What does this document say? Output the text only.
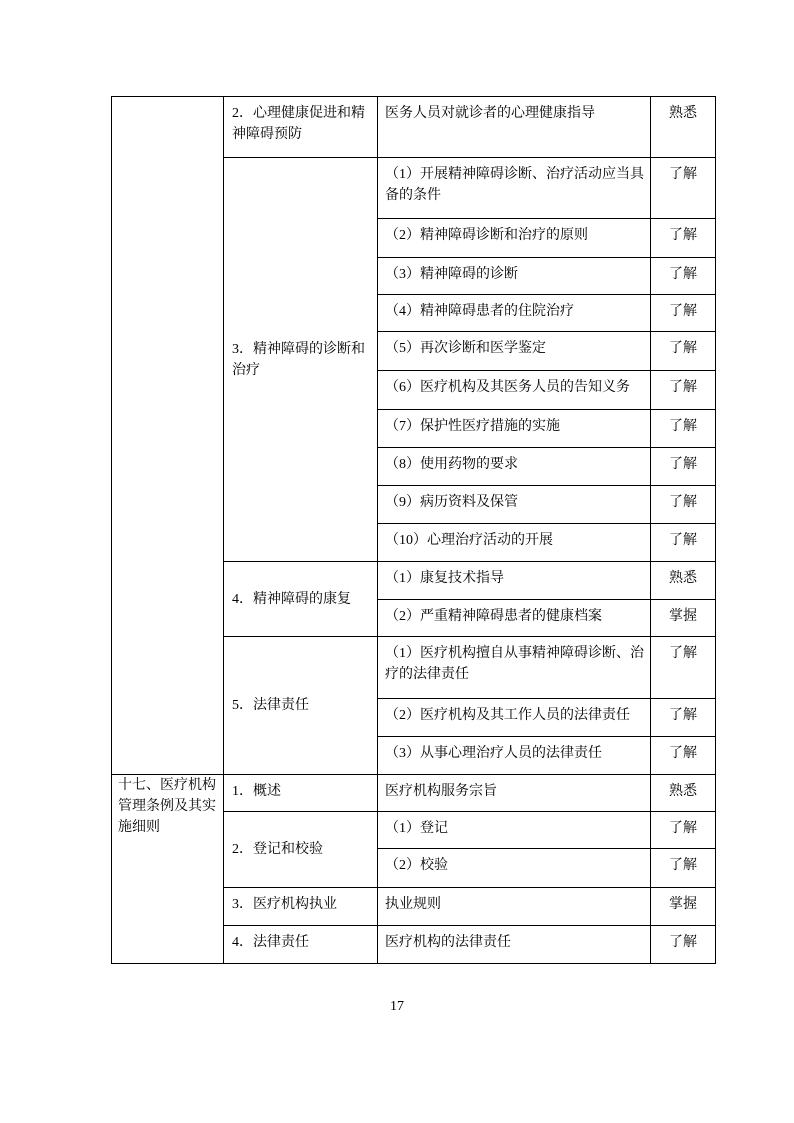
	2．心理健康促进和精神障碍预防	医务人员对就诊者的心理健康指导	熟悉
	3．精神障碍的诊断和治疗	（1）开展精神障碍诊断、治疗活动应当具备的条件	了解
		（2）精神障碍诊断和治疗的原则	了解
		（3）精神障碍的诊断	了解
		（4）精神障碍患者的住院治疗	了解
		（5）再次诊断和医学鉴定	了解
		（6）医疗机构及其医务人员的告知义务	了解
		（7）保护性医疗措施的实施	了解
		（8）使用药物的要求	了解
		（9）病历资料及保管	了解
		（10）心理治疗活动的开展	了解
	4．精神障碍的康复	（1）康复技术指导	熟悉
		（2）严重精神障碍患者的健康档案	掌握
	5．法律责任	（1）医疗机构擅自从事精神障碍诊断、治疗的法律责任	了解
		（2）医疗机构及其工作人员的法律责任	了解
		（3）从事心理治疗人员的法律责任	了解
十七、医疗机构管理条例及其实施细则	1．概述	医疗机构服务宗旨	熟悉
	2．登记和校验	（1）登记	了解
		（2）校验	了解
	3．医疗机构执业	执业规则	掌握
	4．法律责任	医疗机构的法律责任	了解
17
